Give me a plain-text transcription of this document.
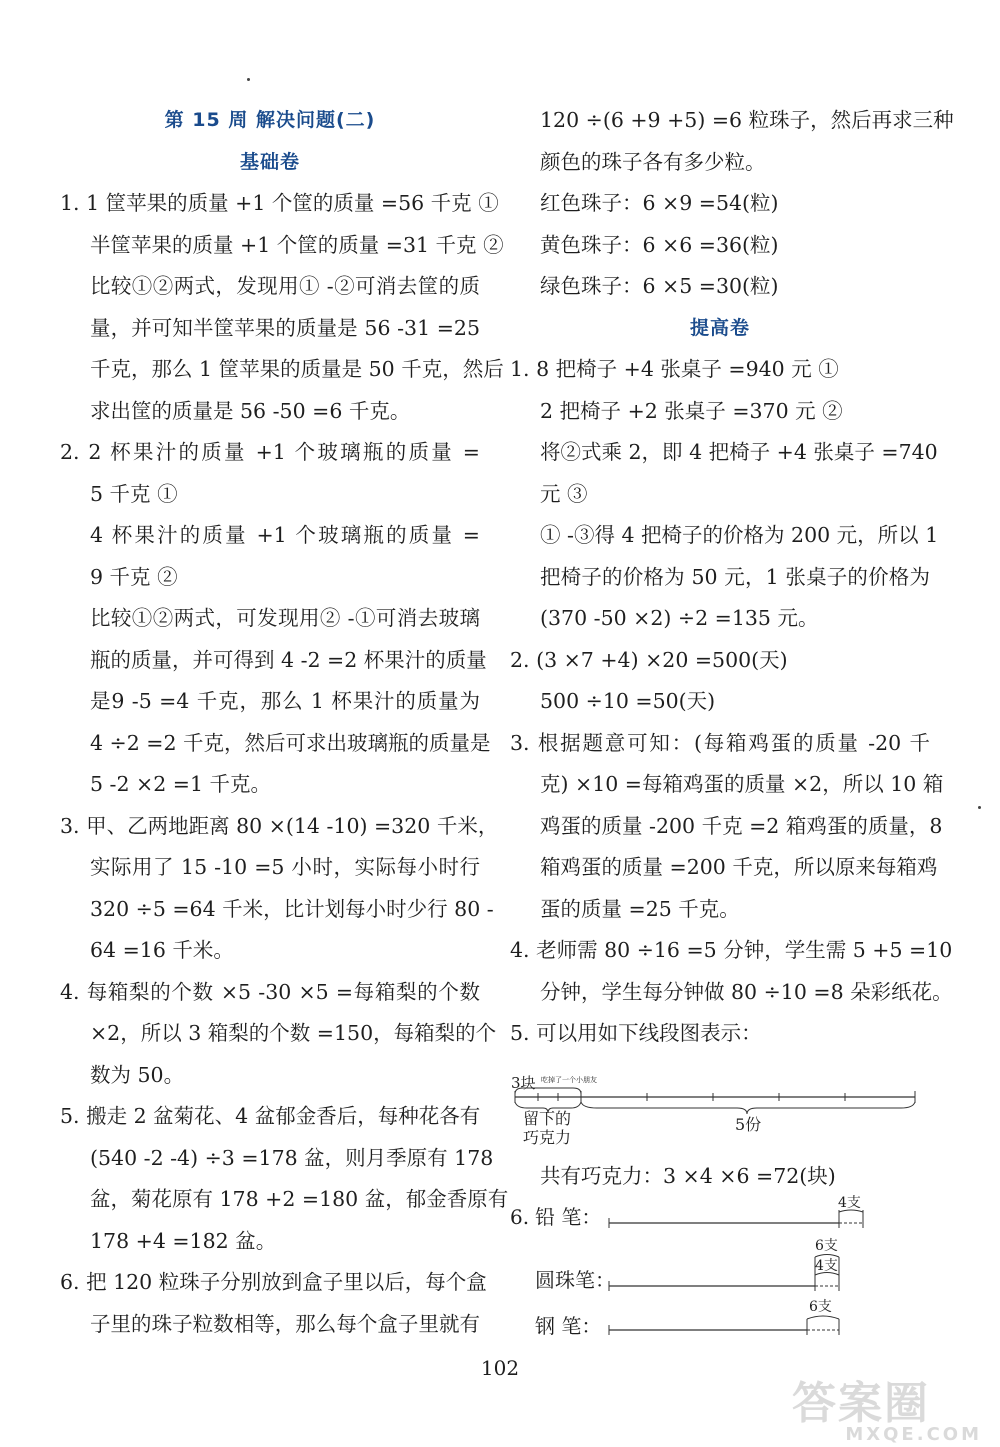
第 15 周 解决问题(二)
基础卷
1. 1 筐苹果的质量 +1 个筐的质量 =56 千克 ①
半筐苹果的质量 +1 个筐的质量 =31 千克 ②
比较①②两式，发现用① -②可消去筐的质
量，并可知半筐苹果的质量是 56 -31 =25
千克，那么 1 筐苹果的质量是 50 千克，然后
求出筐的质量是 56 -50 =6 千克。
2. 2 杯果汁的质量 +1 个玻璃瓶的质量 =
5 千克 ①
4 杯果汁的质量 +1 个玻璃瓶的质量 =
9 千克 ②
比较①②两式，可发现用② -①可消去玻璃
瓶的质量，并可得到 4 -2 =2 杯果汁的质量
是9 -5 =4 千克，那么 1 杯果汁的质量为
4 ÷2 =2 千克，然后可求出玻璃瓶的质量是
5 -2 ×2 =1 千克。
3. 甲、乙两地距离 80 ×(14 -10) =320 千米，
实际用了 15 -10 =5 小时，实际每小时行
320 ÷5 =64 千米，比计划每小时少行 80 -
64 =16 千米。
4. 每箱梨的个数 ×5 -30 ×5 =每箱梨的个数
×2，所以 3 箱梨的个数 =150，每箱梨的个
数为 50。
5. 搬走 2 盆菊花、4 盆郁金香后，每种花各有
(540 -2 -4) ÷3 =178 盆，则月季原有 178
盆，菊花原有 178 +2 =180 盆，郁金香原有
178 +4 =182 盆。
6. 把 120 粒珠子分别放到盒子里以后，每个盒
子里的珠子粒数相等，那么每个盒子里就有
120 ÷(6 +9 +5) =6 粒珠子，然后再求三种
颜色的珠子各有多少粒。
红色珠子：6 ×9 =54(粒)
黄色珠子：6 ×6 =36(粒)
绿色珠子：6 ×5 =30(粒)
提高卷
1. 8 把椅子 +4 张桌子 =940 元 ①
2 把椅子 +2 张桌子 =370 元 ②
将②式乘 2，即 4 把椅子 +4 张桌子 =740
元 ③
① -③得 4 把椅子的价格为 200 元，所以 1
把椅子的价格为 50 元，1 张桌子的价格为
(370 -50 ×2) ÷2 =135 元。
2. (3 ×7 +4) ×20 =500(天)
500 ÷10 =50(天)
3. 根据题意可知：(每箱鸡蛋的质量 -20 千
克) ×10 =每箱鸡蛋的质量 ×2，所以 10 箱
鸡蛋的质量 -200 千克 =2 箱鸡蛋的质量，8
箱鸡蛋的质量 =200 千克，所以原来每箱鸡
蛋的质量 =25 千克。
4. 老师需 80 ÷16 =5 分钟，学生需 5 +5 =10
分钟，学生每分钟做 80 ÷10 =8 朵彩纸花。
5. 可以用如下线段图表示：
3块 吃掉了一个小朋友
留下的
巧克力
5份
共有巧克力：3 ×4 ×6 =72(块)
6. 铅 笔：
4支
圆珠笔：
6支
4支
钢 笔：
6支
102
答案圈
MXQE.COM
